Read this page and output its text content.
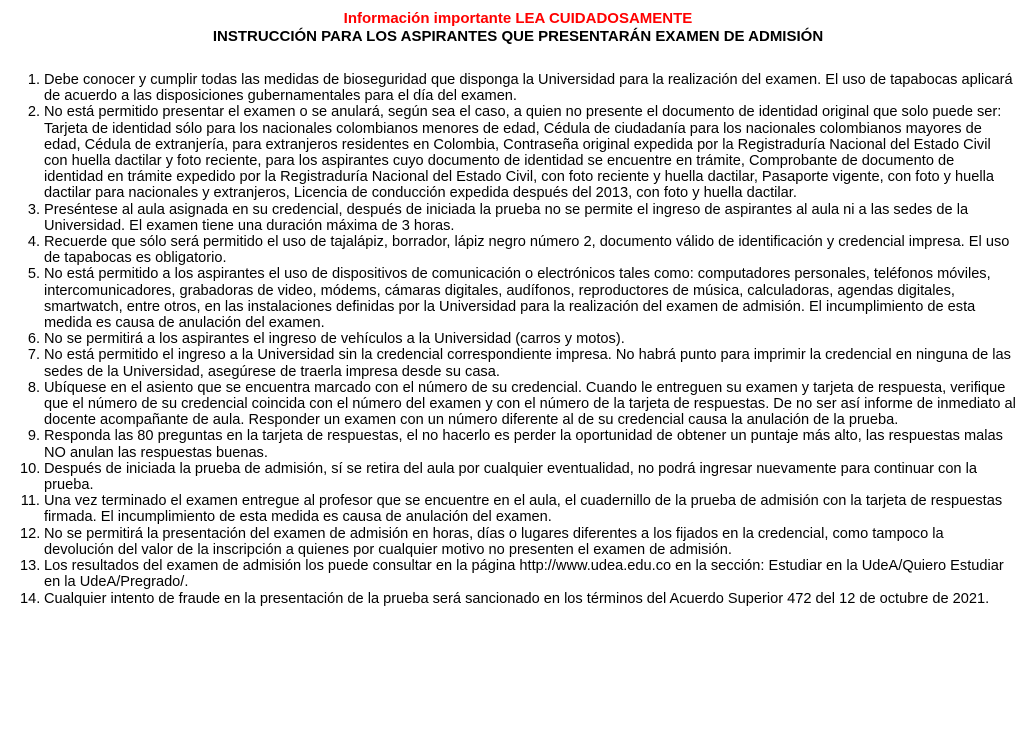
Información importante LEA CUIDADOSAMENTE
INSTRUCCIÓN PARA LOS ASPIRANTES QUE PRESENTARÁN EXAMEN DE ADMISIÓN
1. Debe conocer y cumplir todas las medidas de bioseguridad que disponga la Universidad para la realización del examen. El uso de tapabocas aplicará de acuerdo a las disposiciones gubernamentales para el día del examen.
2. No está permitido presentar el examen o se anulará, según sea el caso, a quien no presente el documento de identidad original que solo puede ser: Tarjeta de identidad sólo para los nacionales colombianos menores de edad, Cédula de ciudadanía para los nacionales colombianos mayores de edad, Cédula de extranjería, para extranjeros residentes en Colombia, Contraseña original expedida por la Registraduría Nacional del Estado Civil con huella dactilar y foto reciente, para los aspirantes cuyo documento de identidad se encuentre en trámite, Comprobante de documento de identidad en trámite expedido por la Registraduría Nacional del Estado Civil, con foto reciente y huella dactilar, Pasaporte vigente, con foto y huella dactilar para nacionales y extranjeros, Licencia de conducción expedida después del 2013, con foto y huella dactilar.
3. Preséntese al aula asignada en su credencial, después de iniciada la prueba no se permite el ingreso de aspirantes al aula ni a las sedes de la Universidad. El examen tiene una duración máxima de 3 horas.
4. Recuerde que sólo será permitido el uso de tajalápiz, borrador, lápiz negro número 2, documento válido de identificación y credencial impresa. El uso de tapabocas es obligatorio.
5. No está permitido a los aspirantes el uso de dispositivos de comunicación o electrónicos tales como: computadores personales, teléfonos móviles, intercomunicadores, grabadoras de video, módems, cámaras digitales, audífonos, reproductores de música, calculadoras, agendas digitales, smartwatch, entre otros, en las instalaciones definidas por la Universidad para la realización del examen de admisión. El incumplimiento de esta medida es causa de anulación del examen.
6. No se permitirá a los aspirantes el ingreso de vehículos a la Universidad (carros y motos).
7. No está permitido el ingreso a la Universidad sin la credencial correspondiente impresa. No habrá punto para imprimir la credencial en ninguna de las sedes de la Universidad, asegúrese de traerla impresa desde su casa.
8. Ubíquese en el asiento que se encuentra marcado con el número de su credencial. Cuando le entreguen su examen y tarjeta de respuesta, verifique que el número de su credencial coincida con el número del examen y con el número de la tarjeta de respuestas. De no ser así informe de inmediato al docente acompañante de aula. Responder un examen con un número diferente al de su credencial causa la anulación de la prueba.
9. Responda las 80 preguntas en la tarjeta de respuestas, el no hacerlo es perder la oportunidad de obtener un puntaje más alto, las respuestas malas NO anulan las respuestas buenas.
10. Después de iniciada la prueba de admisión, sí se retira del aula por cualquier eventualidad, no podrá ingresar nuevamente para continuar con la prueba.
11. Una vez terminado el examen entregue al profesor que se encuentre en el aula, el cuadernillo de la prueba de admisión con la tarjeta de respuestas firmada. El incumplimiento de esta medida es causa de anulación del examen.
12. No se permitirá la presentación del examen de admisión en horas, días o lugares diferentes a los fijados en la credencial, como tampoco la devolución del valor de la inscripción a quienes por cualquier motivo no presenten el examen de admisión.
13. Los resultados del examen de admisión los puede consultar en la página http://www.udea.edu.co en la sección: Estudiar en la UdeA/Quiero Estudiar en la UdeA/Pregrado/.
14. Cualquier intento de fraude en la presentación de la prueba será sancionado en los términos del Acuerdo Superior 472 del 12 de octubre de 2021.
